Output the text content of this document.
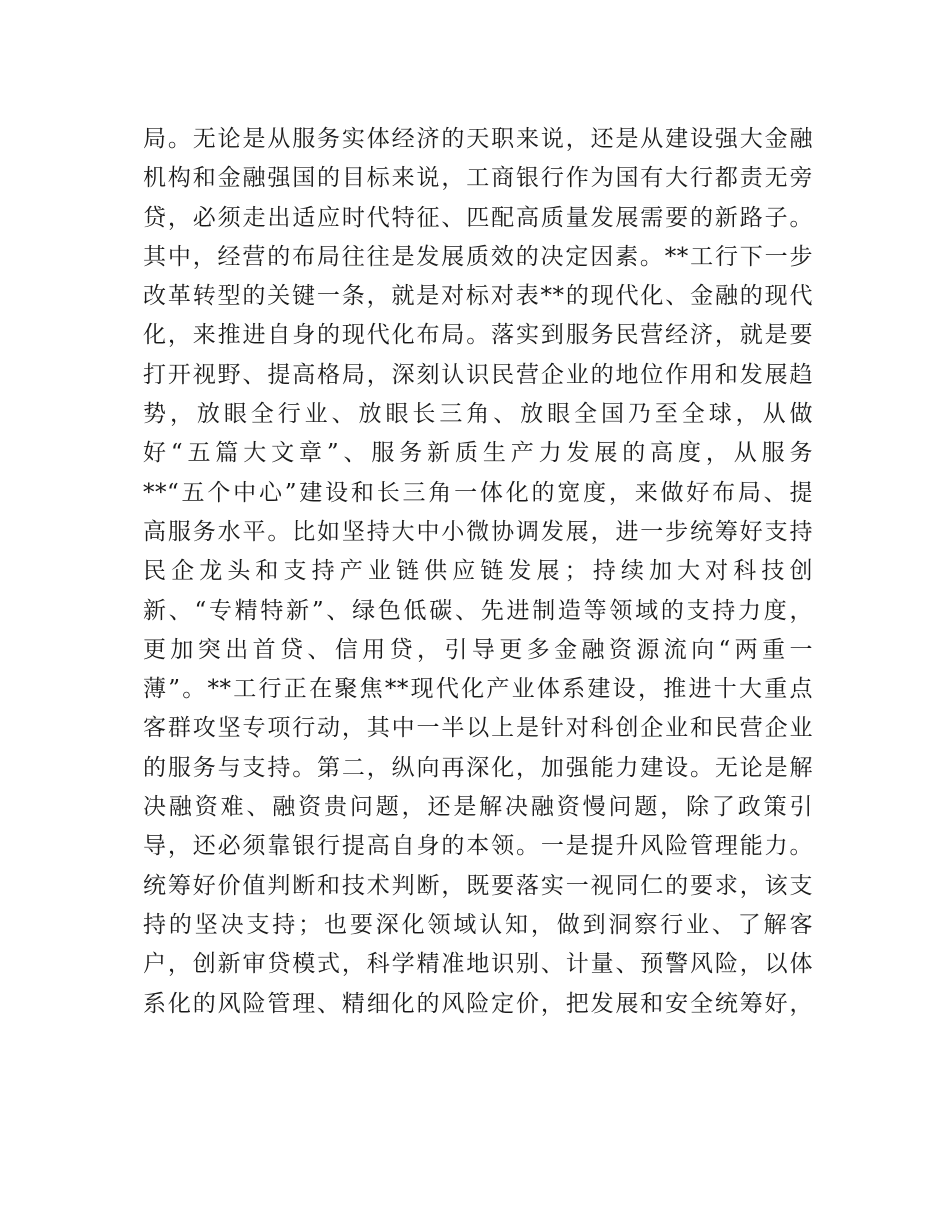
局。无论是从服务实体经济的天职来说，还是从建设强大金融
机构和金融强国的目标来说，工商银行作为国有大行都责无旁
贷，必须走出适应时代特征、匹配高质量发展需要的新路子。
其中，经营的布局往往是发展质效的决定因素。**工行下一步
改革转型的关键一条，就是对标对表**的现代化、金融的现代
化，来推进自身的现代化布局。落实到服务民营经济，就是要
打开视野、提高格局，深刻认识民营企业的地位作用和发展趋
势，放眼全行业、放眼长三角、放眼全国乃至全球，从做
好“五篇大文章”、服务新质生产力发展的高度，从服务
**“五个中心”建设和长三角一体化的宽度，来做好布局、提
高服务水平。比如坚持大中小微协调发展，进一步统筹好支持
民企龙头和支持产业链供应链发展；持续加大对科技创
新、“专精特新”、绿色低碳、先进制造等领域的支持力度，
更加突出首贷、信用贷，引导更多金融资源流向“两重一
薄”。**工行正在聚焦**现代化产业体系建设，推进十大重点
客群攻坚专项行动，其中一半以上是针对科创企业和民营企业
的服务与支持。第二，纵向再深化，加强能力建设。无论是解
决融资难、融资贵问题，还是解决融资慢问题，除了政策引
导，还必须靠银行提高自身的本领。一是提升风险管理能力。
统筹好价值判断和技术判断，既要落实一视同仁的要求，该支
持的坚决支持；也要深化领域认知，做到洞察行业、了解客
户，创新审贷模式，科学精准地识别、计量、预警风险，以体
系化的风险管理、精细化的风险定价，把发展和安全统筹好，
